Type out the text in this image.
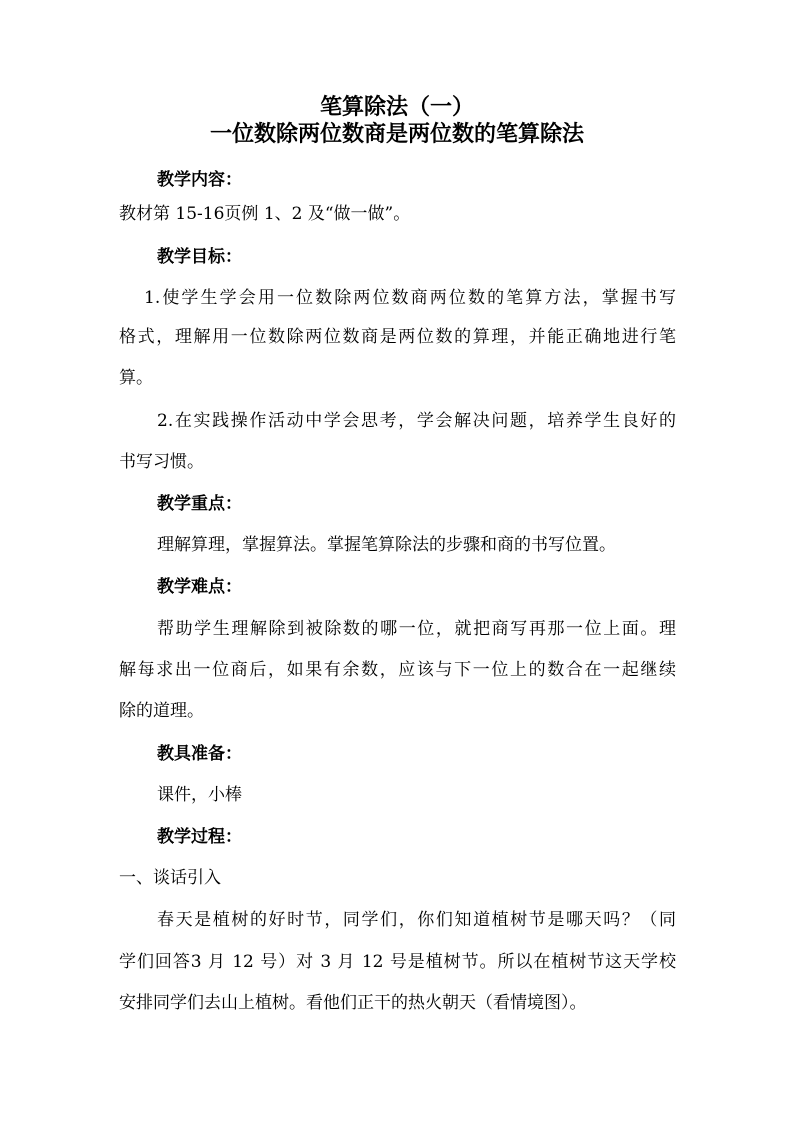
笔算除法（一）
一位数除两位数商是两位数的笔算除法

教学内容：

教材第 15-16页例 1、2 及“做一做”。

教学目标：

1.使学生学会用一位数除两位数商两位数的笔算方法，掌握书写

格式，理解用一位数除两位数商是两位数的算理，并能正确地进行笔

算。

2.在实践操作活动中学会思考，学会解决问题，培养学生良好的

书写习惯。

教学重点：

理解算理，掌握算法。掌握笔算除法的步骤和商的书写位置。

教学难点：

帮助学生理解除到被除数的哪一位，就把商写再那一位上面。理

解每求出一位商后，如果有余数，应该与下一位上的数合在一起继续

除的道理。

教具准备：

课件，小棒

教学过程：

一、谈话引入

春天是植树的好时节，同学们，你们知道植树节是哪天吗？（同

学们回答3 月 12 号）对 3 月 12 号是植树节。所以在植树节这天学校

安排同学们去山上植树。看他们正干的热火朝天（看情境图）。
